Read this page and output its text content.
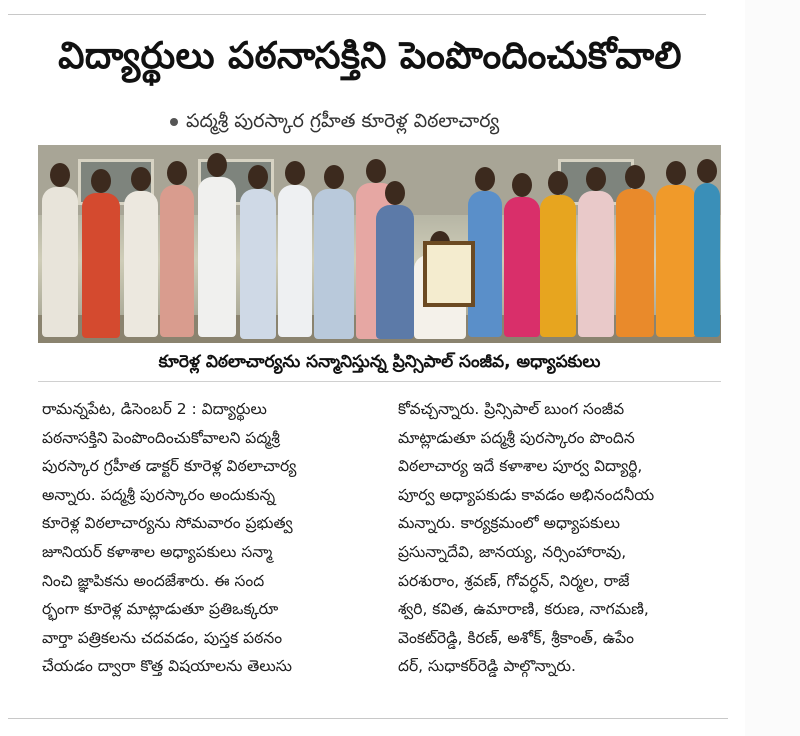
విద్యార్థులు పఠనాసక్తిని పెంపొందించుకోవాలి
పద్మశ్రీ పురస్కార గ్రహీత కూరెళ్ల విఠలాచార్య
కూరెళ్ల విఠలాచార్యను సన్మానిస్తున్న ప్రిన్సిపాల్ సంజీవ, అధ్యాపకులు
రామన్నపేట, డిసెంబర్ 2 : విద్యార్థులు
పఠనాసక్తిని పెంపొందించుకోవాలని పద్మశ్రీ
పురస్కార గ్రహీత డాక్టర్ కూరెళ్ల విఠలాచార్య
అన్నారు. పద్మశ్రీ పురస్కారం అందుకున్న
కూరెళ్ల విఠలాచార్యను సోమవారం ప్రభుత్వ
జూనియర్ కళాశాల అధ్యాపకులు సన్మా
నించి జ్ఞాపికను అందజేశారు. ఈ సంద
ర్భంగా కూరెళ్ల మాట్లాడుతూ ప్రతిఒక్కరూ
వార్తా పత్రికలను చదవడం, పుస్తక పఠనం
చేయడం ద్వారా కొత్త విషయాలను తెలుసు
కోవచ్చన్నారు. ప్రిన్సిపాల్ బుంగ సంజీవ
మాట్లాడుతూ పద్మశ్రీ పురస్కారం పొందిన
విఠలాచార్య ఇదే కళాశాల పూర్వ విద్యార్థి,
పూర్వ అధ్యాపకుడు కావడం అభినందనీయ
మన్నారు. కార్యక్రమంలో అధ్యాపకులు
ప్రసున్నాదేవి, జానయ్య, నర్సింహారావు,
పరశురాం, శ్రవణ్, గోవర్ధన్, నిర్మల, రాజే
శ్వరి, కవిత, ఉమారాణి, కరుణ, నాగమణి,
వెంకట్‌రెడ్డి, కిరణ్, అశోక్, శ్రీకాంత్, ఉపేం
దర్, సుధాకర్‌రెడ్డి పాల్గొన్నారు.
